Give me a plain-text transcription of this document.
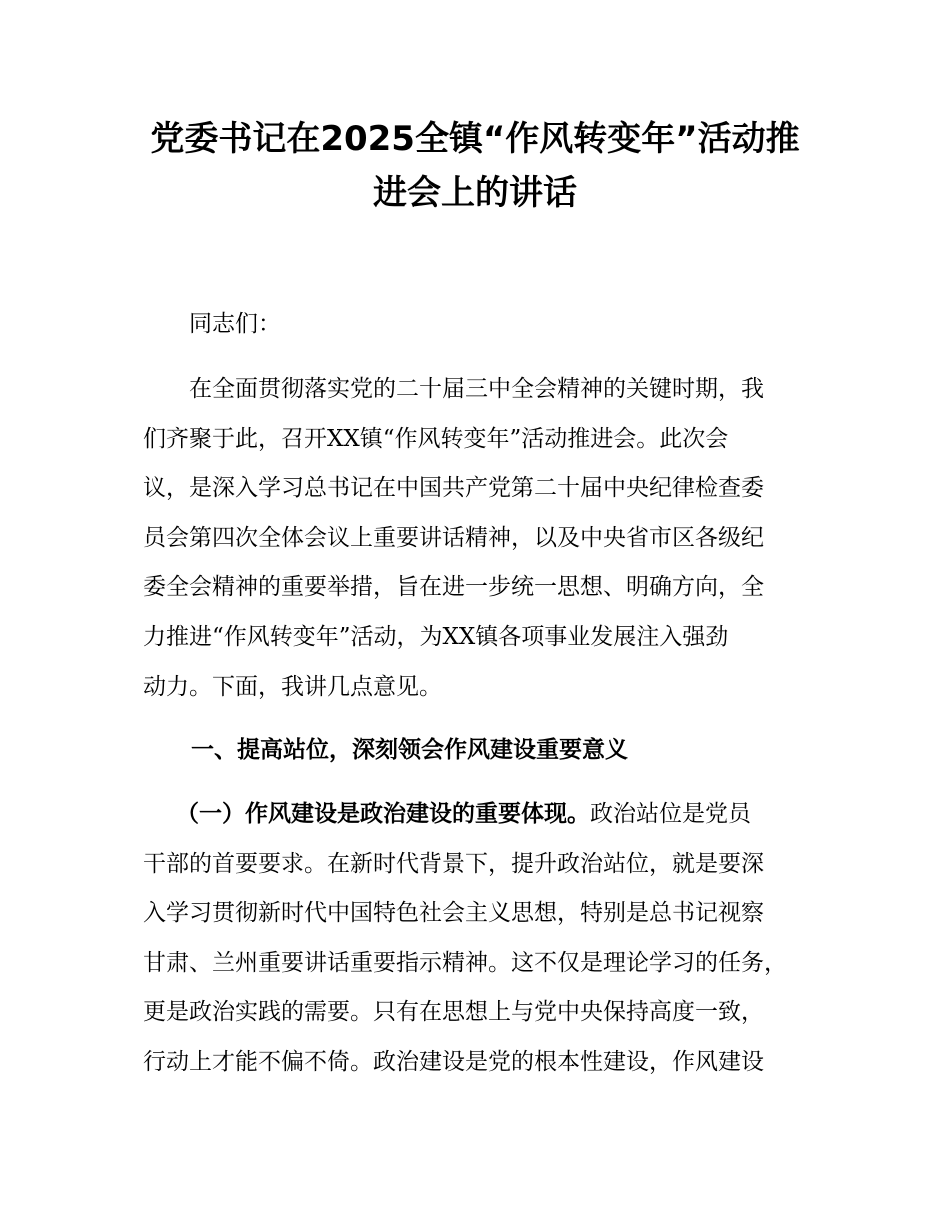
党委书记在2025全镇“作风转变年”活动推
进会上的讲话
同志们：
在全面贯彻落实党的二十届三中全会精神的关键时期，我
们齐聚于此，召开XX镇“作风转变年”活动推进会。此次会
议，是深入学习总书记在中国共产党第二十届中央纪律检查委
员会第四次全体会议上重要讲话精神，以及中央省市区各级纪
委全会精神的重要举措，旨在进一步统一思想、明确方向，全
力推进“作风转变年”活动，为XX镇各项事业发展注入强劲
动力。下面，我讲几点意见。
一、提高站位，深刻领会作风建设重要意义
（一）作风建设是政治建设的重要体现。政治站位是党员
干部的首要要求。在新时代背景下，提升政治站位，就是要深
入学习贯彻新时代中国特色社会主义思想，特别是总书记视察
甘肃、兰州重要讲话重要指示精神。这不仅是理论学习的任务，
更是政治实践的需要。只有在思想上与党中央保持高度一致，
行动上才能不偏不倚。政治建设是党的根本性建设，作风建设
